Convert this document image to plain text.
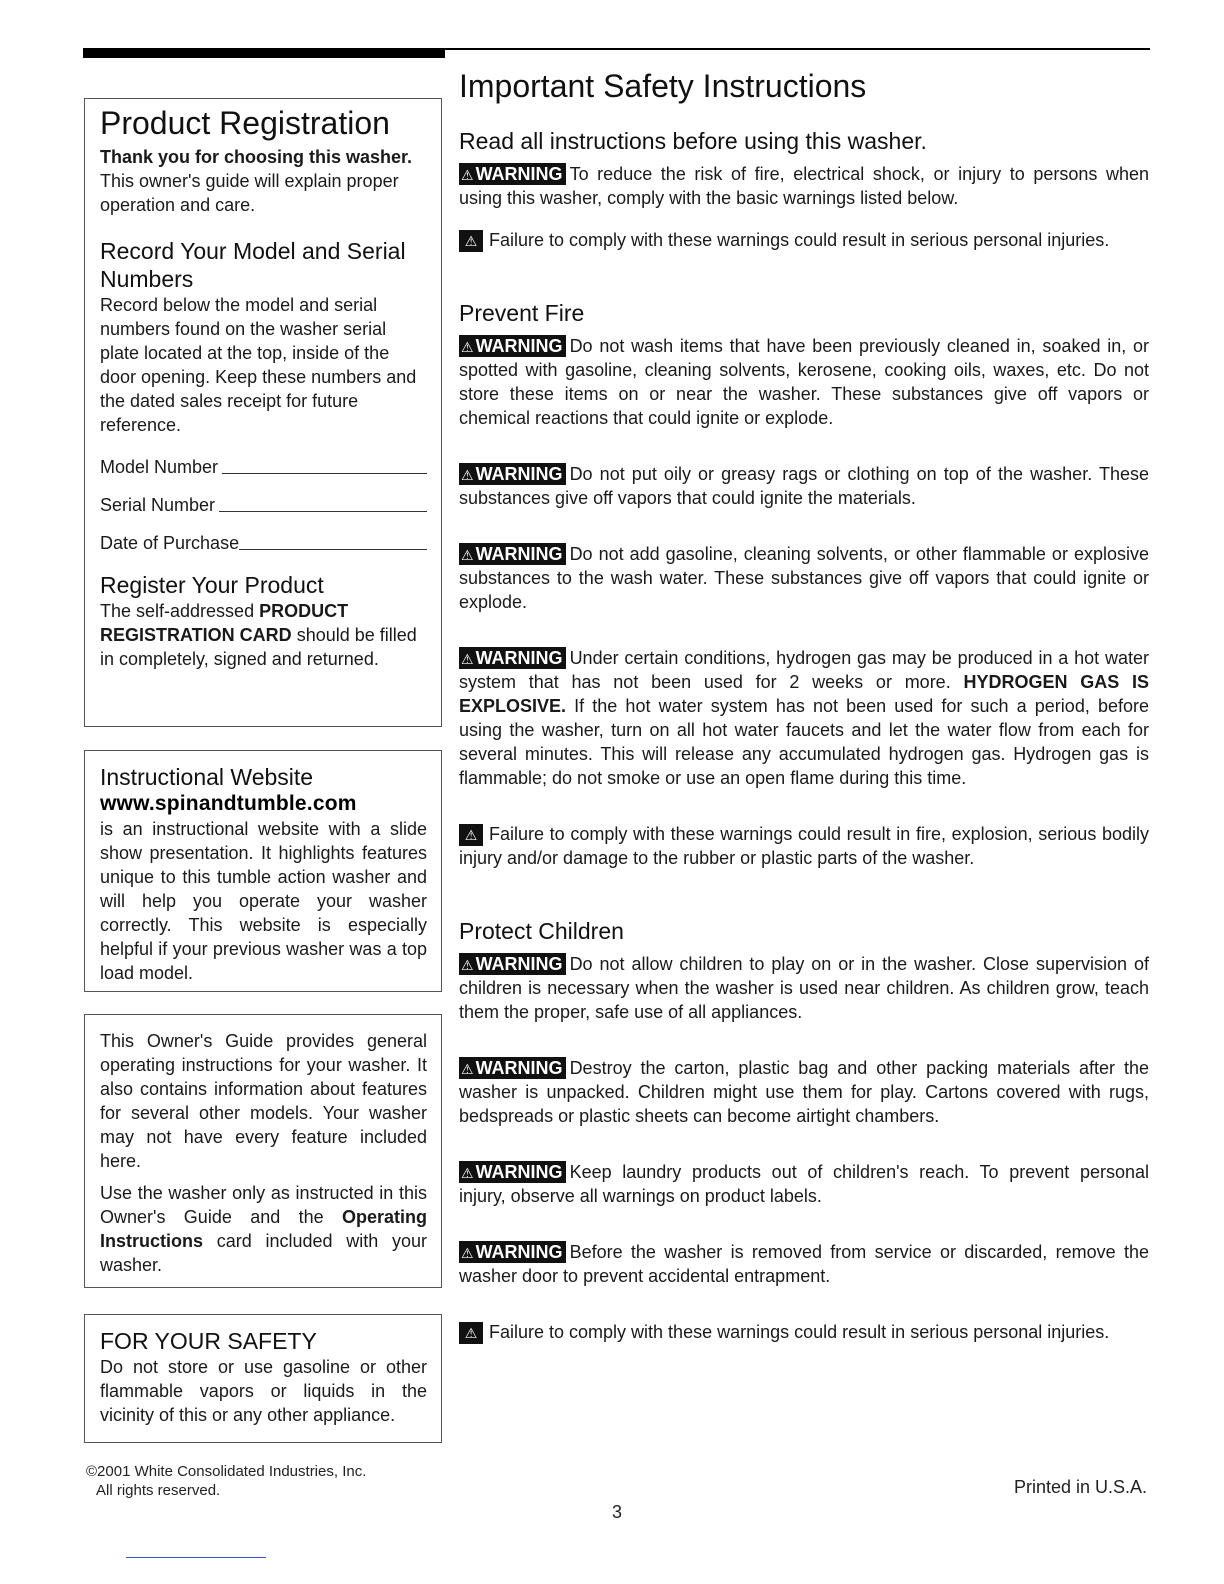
Product Registration

Thank you for choosing this washer. This owner's guide will explain proper operation and care.

Record Your Model and Serial Numbers

Record below the model and serial numbers found on the washer serial plate located at the top, inside of the door opening. Keep these numbers and the dated sales receipt for future reference.

Model Number
Serial Number
Date of Purchase
Register Your Product

The self-addressed PRODUCT REGISTRATION CARD should be filled in completely, signed and returned.

Instructional Website
www.spinandtumble.com

is an instructional website with a slide show presentation. It highlights features unique to this tumble action washer and will help you operate your washer correctly. This website is especially helpful if your previous washer was a top load model.

This Owner's Guide provides general operating instructions for your washer. It also contains information about features for several other models. Your washer may not have every feature included here.

Use the washer only as instructed in this Owner's Guide and the Operating Instructions card included with your washer.

FOR YOUR SAFETY

Do not store or use gasoline or other flammable vapors or liquids in the vicinity of this or any other appliance.

Important Safety Instructions
Read all instructions before using this washer.

⚠ WARNING To reduce the risk of fire, electrical shock, or injury to persons when using this washer, comply with the basic warnings listed below.

⚠ Failure to comply with these warnings could result in serious personal injuries.

Prevent Fire

⚠ WARNING Do not wash items that have been previously cleaned in, soaked in, or spotted with gasoline, cleaning solvents, kerosene, cooking oils, waxes, etc. Do not store these items on or near the washer. These substances give off vapors or chemical reactions that could ignite or explode.

⚠ WARNING Do not put oily or greasy rags or clothing on top of the washer. These substances give off vapors that could ignite the materials.

⚠ WARNING Do not add gasoline, cleaning solvents, or other flammable or explosive substances to the wash water. These substances give off vapors that could ignite or explode.

⚠ WARNING Under certain conditions, hydrogen gas may be produced in a hot water system that has not been used for 2 weeks or more. HYDROGEN GAS IS EXPLOSIVE. If the hot water system has not been used for such a period, before using the washer, turn on all hot water faucets and let the water flow from each for several minutes. This will release any accumulated hydrogen gas. Hydrogen gas is flammable; do not smoke or use an open flame during this time.

⚠ Failure to comply with these warnings could result in fire, explosion, serious bodily injury and/or damage to the rubber or plastic parts of the washer.

Protect Children

⚠ WARNING Do not allow children to play on or in the washer. Close supervision of children is necessary when the washer is used near children. As children grow, teach them the proper, safe use of all appliances.

⚠ WARNING Destroy the carton, plastic bag and other packing materials after the washer is unpacked. Children might use them for play. Cartons covered with rugs, bedspreads or plastic sheets can become airtight chambers.

⚠ WARNING Keep laundry products out of children's reach. To prevent personal injury, observe all warnings on product labels.

⚠ WARNING Before the washer is removed from service or discarded, remove the washer door to prevent accidental entrapment.

⚠ Failure to comply with these warnings could result in serious personal injuries.

©2001 White Consolidated Industries, Inc.
All rights reserved.	Printed in U.S.A.
3
